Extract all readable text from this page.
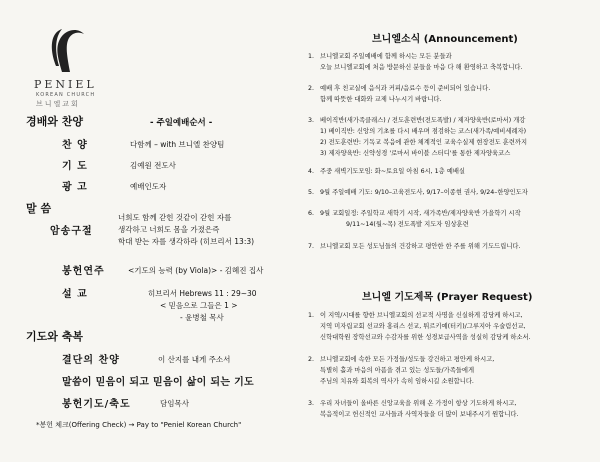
PENIEL
KOREAN CHURCH
브니엘교회
경배와 찬양	- 주일예배순서 -
찬 양	다함께 – with 브니엘 찬양팀
기 도	김예원 전도사
광 고	예배인도자
말 씀
암송구절
너희도 함께 갇힌 것같이 갇힌 자를
생각하고 너희도 몸을 가졌은즉
학대 받는 자를 생각하라 (히브리서 13:3)
봉헌연주	<기도의 능력 (by Viola)> - 김혜진 집사
설 교	히브리서 Hebrews 11 : 29~30
< 믿음으로 그들은 1 >
- 윤병철 목사
기도와 축복
결단의 찬양	이 산지를 내게 주소서
말씀이 믿음이 되고 믿음이 삶이 되는 기도
봉헌기도/축도	담임목사
*봉헌 체크(Offering Check) → Pay to "Peniel Korean Church"
브니엘소식 (Announcement)
1. 브니엘교회 주일예배에 함께 하시는 모든 분들과
오늘 브니엘교회에 처음 방문하신 분들을 마음 다 해 환영하고 축복합니다.
2. 예배 후 친교실에 음식과 커피/음료수 등이 준비되어 있습니다.
함께 따뜻한 대화와 교제 나누시기 바랍니다.
3. 베이직반(새가족클래스) / 전도훈련반(전도폭발) / 제자양육반(로마서) 개강
1) 베이직반: 신앙의 기초를 다시 배우며 점검하는 코스(새가족/예비세례자)
2) 전도훈련반: 기독교 복음에 관한 체계적인 교육수실제 현장전도 훈련까지
3) 제자양육반: 신약성경 '로마서 바이블 스터디'를 통한 제자양육코스
4. 주중 새벽기도모임: 화~토요일 아침 6시, 1층 예배실
5. 9월 주일예배 기도: 9/10–고육전도사, 9/17–이종현 권사, 9/24–한양인도자
6. 9월 교회일정: 주일학교 새학기 시작, 새가족반/제자양육반 가을학기 시작
9/11~14(월~목) 전도폭발 지도자 임상훈련
7. 브니엘교회 모든 성도님들의 건강하고 평안한 한 주를 위해 기도드립니다.
브니엘 기도제목 (Prayer Request)
1. 이 지역/시대를 향한 브니엘교회의 선교적 사명을 신실하게 감당케 하시고,
지역 미자립교회 선교와 홍리스 선교, 튀르키예(터키)/그루지아 우술림선교,
신학대학원 장학선교와 수감자를 위한 성경보급사역을 성실히 감당케 하소서.
2. 브니엘교회에 속한 모든 가정들/성도들 강건하고 평안케 하시고,
특별히 홀과 마음의 아픔을 겪고 있는 성도들/가족들에게
주님의 치유와 회복의 역사가 속히 임하시길 소원합니다.
3. 우리 자녀들이 올바른 신앙교육을 위해 온 가정이 항상 기도하게 하시고,
복음적이고 헌신적인 교사들과 사역자들을 더 많이 보내주시기 원합니다.
